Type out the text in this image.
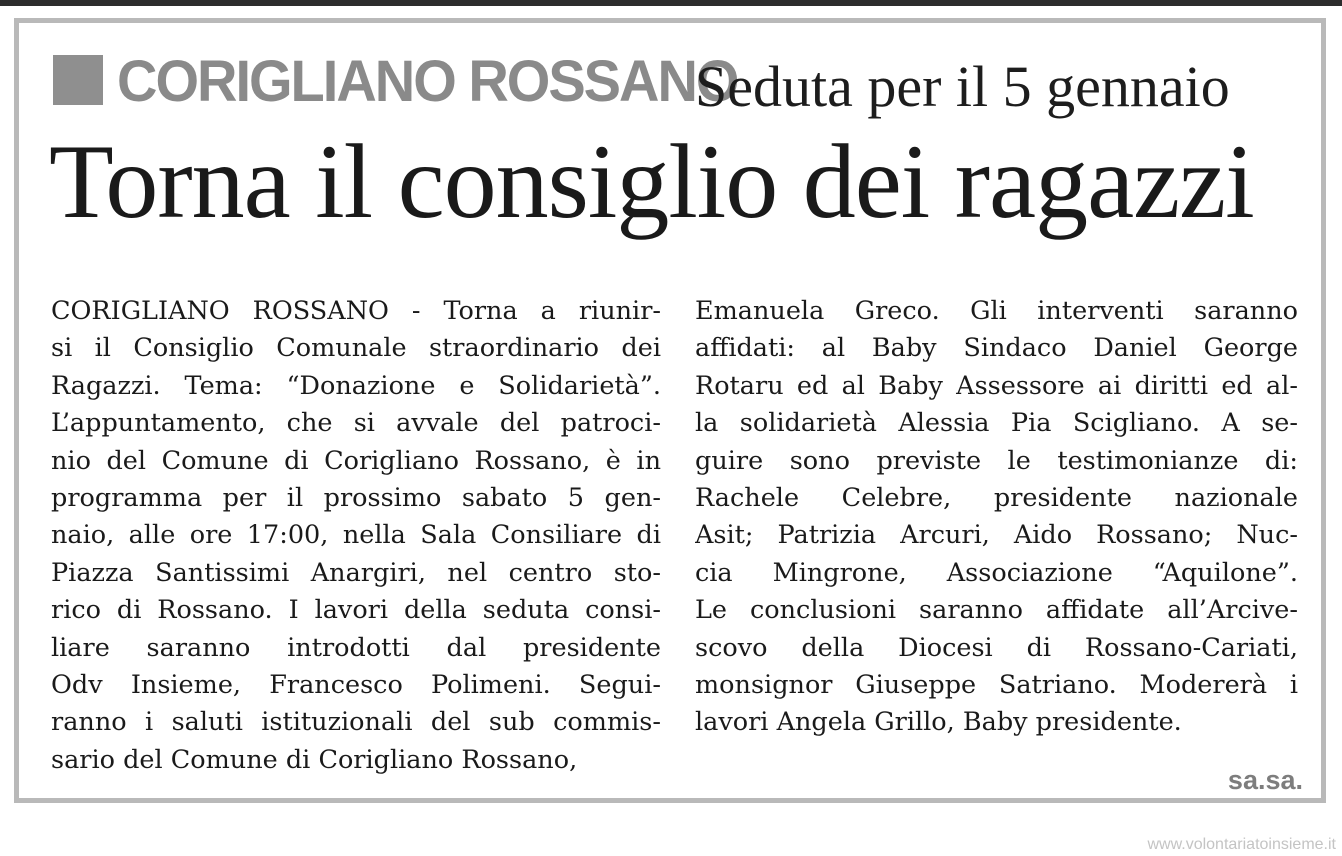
CORIGLIANO ROSSANO
Seduta per il 5 gennaio
Torna il consiglio dei ragazzi
CORIGLIANO ROSSANO - Torna a riunir-
si il Consiglio Comunale straordinario dei
Ragazzi. Tema: “Donazione e Solidarietà”.
L’appuntamento, che si avvale del patroci-
nio del Comune di Corigliano Rossano, è in
programma per il prossimo sabato 5 gen-
naio, alle ore 17:00, nella Sala Consiliare di
Piazza Santissimi Anargiri, nel centro sto-
rico di Rossano. I lavori della seduta consi-
liare saranno introdotti dal presidente
Odv Insieme, Francesco Polimeni. Segui-
ranno i saluti istituzionali del sub commis-
sario del Comune di Corigliano Rossano,
Emanuela Greco. Gli interventi saranno
affidati: al Baby Sindaco Daniel George
Rotaru ed al Baby Assessore ai diritti ed al-
la solidarietà Alessia Pia Scigliano. A se-
guire sono previste le testimonianze di:
Rachele Celebre, presidente nazionale
Asit; Patrizia Arcuri, Aido Rossano; Nuc-
cia Mingrone, Associazione “Aquilone”.
Le conclusioni saranno affidate all’Arcive-
scovo della Diocesi di Rossano-Cariati,
monsignor Giuseppe Satriano. Modererà i
lavori Angela Grillo, Baby presidente.
sa.sa.
www.volontariatoinsieme.it
